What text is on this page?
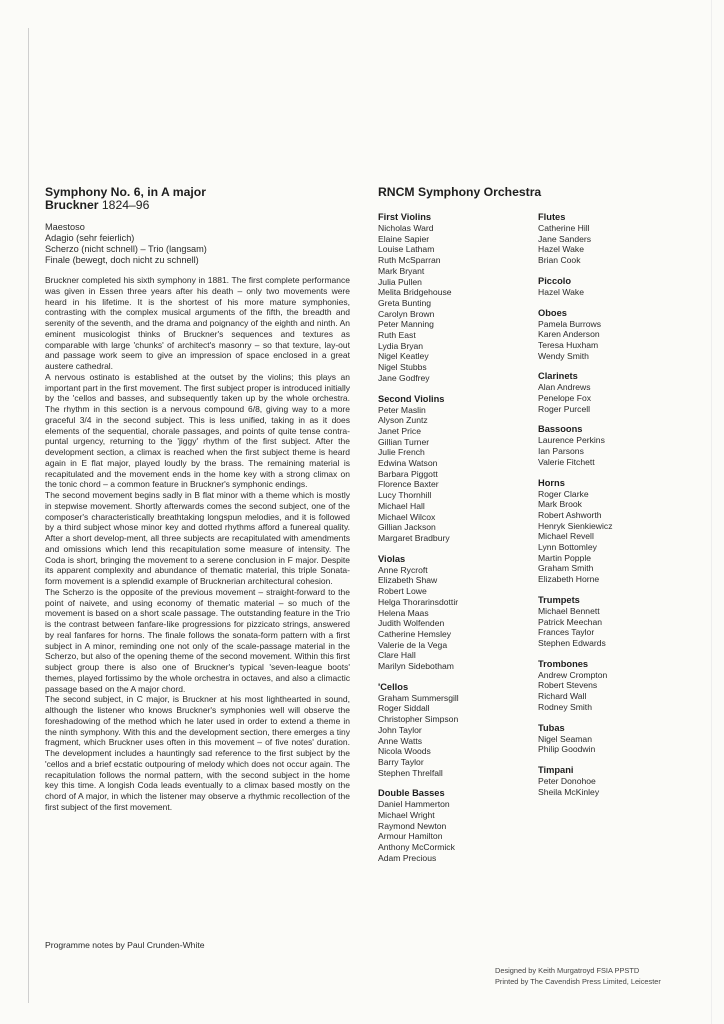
Symphony No. 6, in A major
Bruckner 1824–96
Maestoso
Adagio (sehr feierlich)
Scherzo (nicht schnell) – Trio (langsam)
Finale (bewegt, doch nicht zu schnell)
Bruckner completed his sixth symphony in 1881. The first complete performance was given in Essen three years after his death – only two movements were heard in his lifetime. It is the shortest of his more mature symphonies, contrasting with the complex musical arguments of the fifth, the breadth and serenity of the seventh, and the drama and poignancy of the eighth and ninth. An eminent musicologist thinks of Bruckner's sequences and textures as comparable with large 'chunks' of architect's masonry – so that texture, lay-out and passage work seem to give an impression of space enclosed in a great austere cathedral.
A nervous ostinato is established at the outset by the violins; this plays an important part in the first movement. The first subject proper is introduced initially by the 'cellos and basses, and subsequently taken up by the whole orchestra. The rhythm in this section is a nervous compound 6/8, giving way to a more graceful 3/4 in the second subject. This is less unified, taking in as it does elements of the sequential, chorale passages, and points of quite tense contra-puntal urgency, returning to the 'jiggy' rhythm of the first subject. After the development section, a climax is reached when the first subject theme is heard again in E flat major, played loudly by the brass. The remaining material is recapitulated and the movement ends in the home key with a strong climax on the tonic chord – a common feature in Bruckner's symphonic endings.
The second movement begins sadly in B flat minor with a theme which is mostly in stepwise movement. Shortly afterwards comes the second subject, one of the composer's characteristically breathtaking longspun melodies, and it is followed by a third subject whose minor key and dotted rhythms afford a funereal quality. After a short develop-ment, all three subjects are recapitulated with amendments and omissions which lend this recapitulation some measure of intensity. The Coda is short, bringing the movement to a serene conclusion in F major. Despite its apparent complexity and abundance of thematic material, this triple Sonata-form movement is a splendid example of Brucknerian architectural cohesion.
The Scherzo is the opposite of the previous movement – straight-forward to the point of naivete, and using economy of thematic material – so much of the movement is based on a short scale passage. The outstanding feature in the Trio is the contrast between fanfare-like progressions for pizzicato strings, answered by real fanfares for horns. The finale follows the sonata-form pattern with a first subject in A minor, reminding one not only of the scale-passage material in the Scherzo, but also of the opening theme of the second movement. Within this first subject group there is also one of Bruckner's typical 'seven-league boots' themes, played fortissimo by the whole orchestra in octaves, and also a climactic passage based on the A major chord.
The second subject, in C major, is Bruckner at his most lighthearted in sound, although the listener who knows Bruckner's symphonies well will observe the foreshadowing of the method which he later used in order to extend a theme in the ninth symphony. With this and the development section, there emerges a tiny fragment, which Bruckner uses often in this movement – of five notes' duration. The development includes a hauntingly sad reference to the first subject by the 'cellos and a brief ecstatic outpouring of melody which does not occur again. The recapitulation follows the normal pattern, with the second subject in the home key this time. A longish Coda leads eventually to a climax based mostly on the chord of A major, in which the listener may observe a rhythmic recollection of the first subject of the first movement.
Programme notes by Paul Crunden-White
RNCM Symphony Orchestra
First Violins
Nicholas Ward
Elaine Sapier
Louise Latham
Ruth McSparran
Mark Bryant
Julia Pullen
Melita Bridgehouse
Greta Bunting
Carolyn Brown
Peter Manning
Ruth East
Lydia Bryan
Nigel Keatley
Nigel Stubbs
Jane Godfrey
Second Violins
Peter Maslin
Alyson Zuntz
Janet Price
Gillian Turner
Julie French
Edwina Watson
Barbara Piggott
Florence Baxter
Lucy Thornhill
Michael Hall
Michael Wilcox
Gillian Jackson
Margaret Bradbury
Violas
Anne Rycroft
Elizabeth Shaw
Robert Lowe
Helga Thorarinsdottir
Helena Maas
Judith Wolfenden
Catherine Hemsley
Valerie de la Vega
Clare Hall
Marilyn Sidebotham
'Cellos
Graham Summersgill
Roger Siddall
Christopher Simpson
John Taylor
Anne Watts
Nicola Woods
Barry Taylor
Stephen Threlfall
Double Basses
Daniel Hammerton
Michael Wright
Raymond Newton
Armour Hamilton
Anthony McCormick
Adam Precious
Flutes
Catherine Hill
Jane Sanders
Hazel Wake
Brian Cook
Piccolo
Hazel Wake
Oboes
Pamela Burrows
Karen Anderson
Teresa Huxham
Wendy Smith
Clarinets
Alan Andrews
Penelope Fox
Roger Purcell
Bassoons
Laurence Perkins
Ian Parsons
Valerie Fitchett
Horns
Roger Clarke
Mark Brook
Robert Ashworth
Henryk Sienkiewicz
Michael Revell
Lynn Bottomley
Martin Popple
Graham Smith
Elizabeth Horne
Trumpets
Michael Bennett
Patrick Meechan
Frances Taylor
Stephen Edwards
Trombones
Andrew Crompton
Robert Stevens
Richard Wall
Rodney Smith
Tubas
Nigel Seaman
Philip Goodwin
Timpani
Peter Donohoe
Sheila McKinley
Designed by Keith Murgatroyd FSIA PPSTD
Printed by The Cavendish Press Limited, Leicester
